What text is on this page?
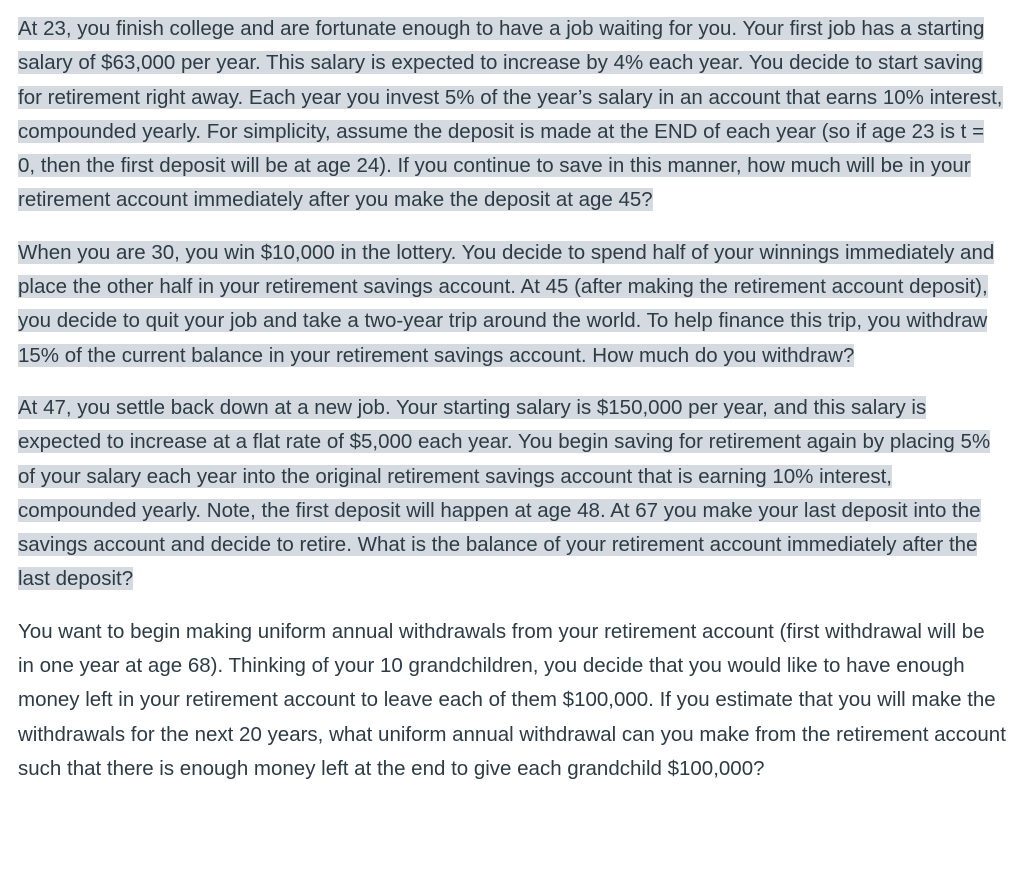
At 23, you finish college and are fortunate enough to have a job waiting for you. Your first job has a starting salary of $63,000 per year. This salary is expected to increase by 4% each year. You decide to start saving for retirement right away. Each year you invest 5% of the year’s salary in an account that earns 10% interest, compounded yearly. For simplicity, assume the deposit is made at the END of each year (so if age 23 is t = 0, then the first deposit will be at age 24). If you continue to save in this manner, how much will be in your retirement account immediately after you make the deposit at age 45?

When you are 30, you win $10,000 in the lottery. You decide to spend half of your winnings immediately and place the other half in your retirement savings account. At 45 (after making the retirement account deposit), you decide to quit your job and take a two-year trip around the world. To help finance this trip, you withdraw 15% of the current balance in your retirement savings account. How much do you withdraw?

At 47, you settle back down at a new job. Your starting salary is $150,000 per year, and this salary is expected to increase at a flat rate of $5,000 each year. You begin saving for retirement again by placing 5% of your salary each year into the original retirement savings account that is earning 10% interest, compounded yearly. Note, the first deposit will happen at age 48. At 67 you make your last deposit into the savings account and decide to retire. What is the balance of your retirement account immediately after the last deposit?

You want to begin making uniform annual withdrawals from your retirement account (first withdrawal will be in one year at age 68). Thinking of your 10 grandchildren, you decide that you would like to have enough money left in your retirement account to leave each of them $100,000. If you estimate that you will make the withdrawals for the next 20 years, what uniform annual withdrawal can you make from the retirement account such that there is enough money left at the end to give each grandchild $100,000?
